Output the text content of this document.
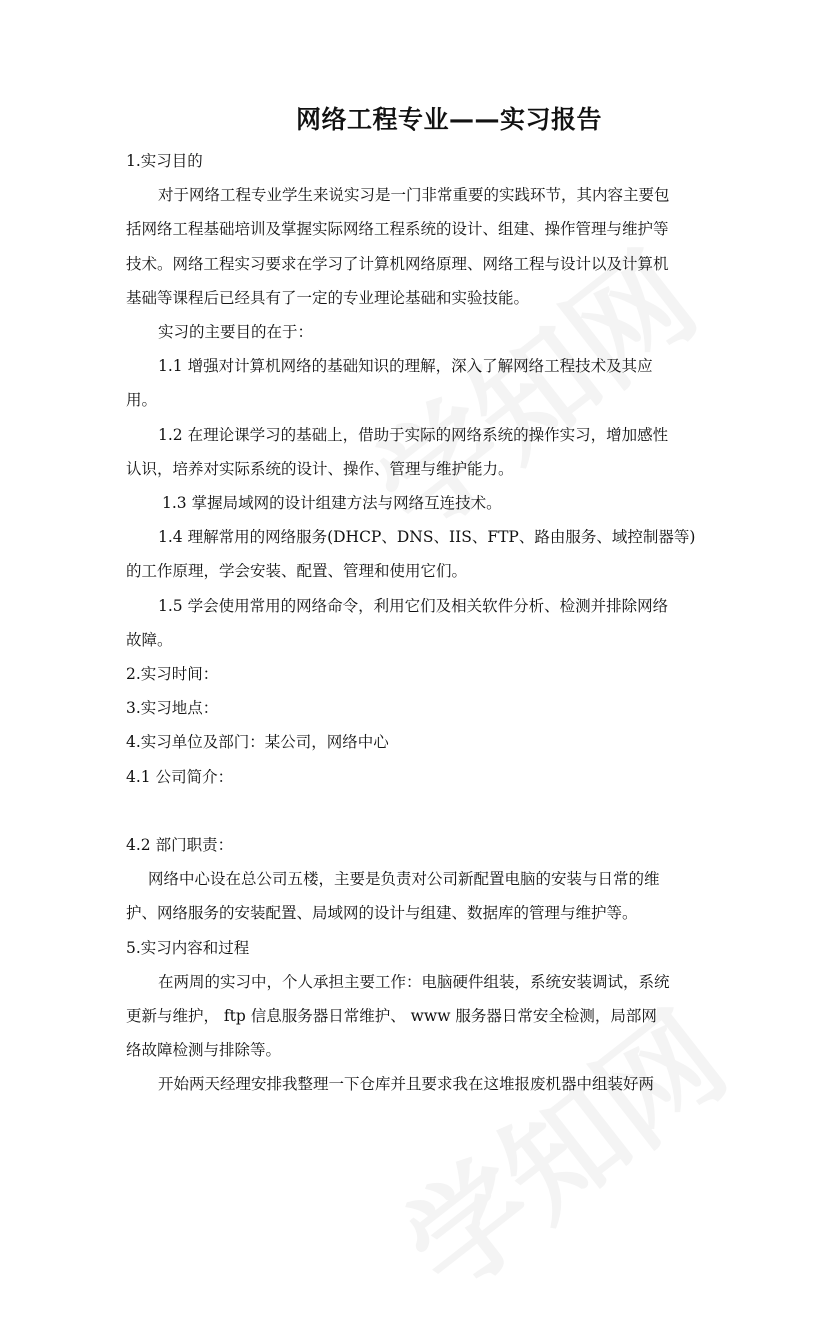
网络工程专业——实习报告

1.实习目的

对于网络工程专业学生来说实习是一门非常重要的实践环节，其内容主要包

括网络工程基础培训及掌握实际网络工程系统的设计、组建、操作管理与维护等

技术。网络工程实习要求在学习了计算机网络原理、网络工程与设计以及计算机

基础等课程后已经具有了一定的专业理论基础和实验技能。

实习的主要目的在于：

1.1 增强对计算机网络的基础知识的理解，深入了解网络工程技术及其应

用。

1.2 在理论课学习的基础上，借助于实际的网络系统的操作实习，增加感性

认识，培养对实际系统的设计、操作、管理与维护能力。

1.3 掌握局域网的设计组建方法与网络互连技术。

1.4 理解常用的网络服务(DHCP、DNS、IIS、FTP、路由服务、域控制器等)

的工作原理，学会安装、配置、管理和使用它们。

1.5 学会使用常用的网络命令，利用它们及相关软件分析、检测并排除网络

故障。

2.实习时间：

3.实习地点：

4.实习单位及部门：某公司，网络中心

4.1 公司简介：

4.2 部门职责：

网络中心设在总公司五楼，主要是负责对公司新配置电脑的安装与日常的维

护、网络服务的安装配置、局域网的设计与组建、数据库的管理与维护等。

5.实习内容和过程

在两周的实习中，个人承担主要工作：电脑硬件组装，系统安装调试，系统

更新与维护， ftp 信息服务器日常维护、 www 服务器日常安全检测，局部网

络故障检测与排除等。

开始两天经理安排我整理一下仓库并且要求我在这堆报废机器中组装好两
